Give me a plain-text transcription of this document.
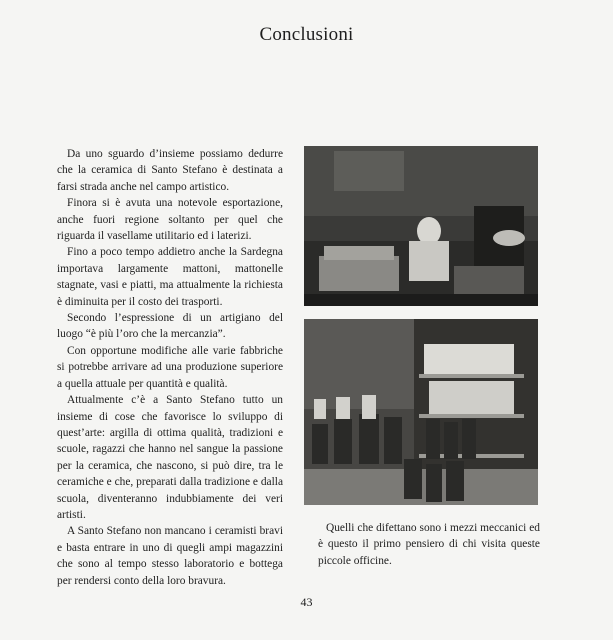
Conclusioni

Da uno sguardo d’insieme possiamo dedurre che la ceramica di Santo Stefano è destinata a farsi strada anche nel campo artistico.

Finora si è avuta una notevole esportazione, anche fuori regione soltanto per quel che riguarda il vasellame utilitario ed i laterizi.

Fino a poco tempo addietro anche la Sardegna importava largamente mattoni, mattonelle stagnate, vasi e piatti, ma attualmente la richiesta è diminuita per il costo dei trasporti.

Secondo l’espressione di un artigiano del luogo “è più l’oro che la mercanzia”.

Con opportune modifiche alle varie fabbriche si potrebbe arrivare ad una produzione superiore a quella attuale per quantità e qualità.

Attualmente c’è a Santo Stefano tutto un insieme di cose che favorisce lo sviluppo di quest’arte: argilla di ottima qualità, tradizioni e scuole, ragazzi che hanno nel sangue la passione per la ceramica, che nascono, si può dire, tra le ceramiche e che, preparati dalla tradizione e dalla scuola, diventeranno indubbiamente dei veri artisti.

A Santo Stefano non mancano i ceramisti bravi e basta entrare in uno di quegli ampi magazzini che sono al tempo stesso laboratorio e bottega per rendersi conto della loro bravura.

Quelli che difettano sono i mezzi meccanici ed è questo il primo pensiero di chi visita queste piccole officine.

43
